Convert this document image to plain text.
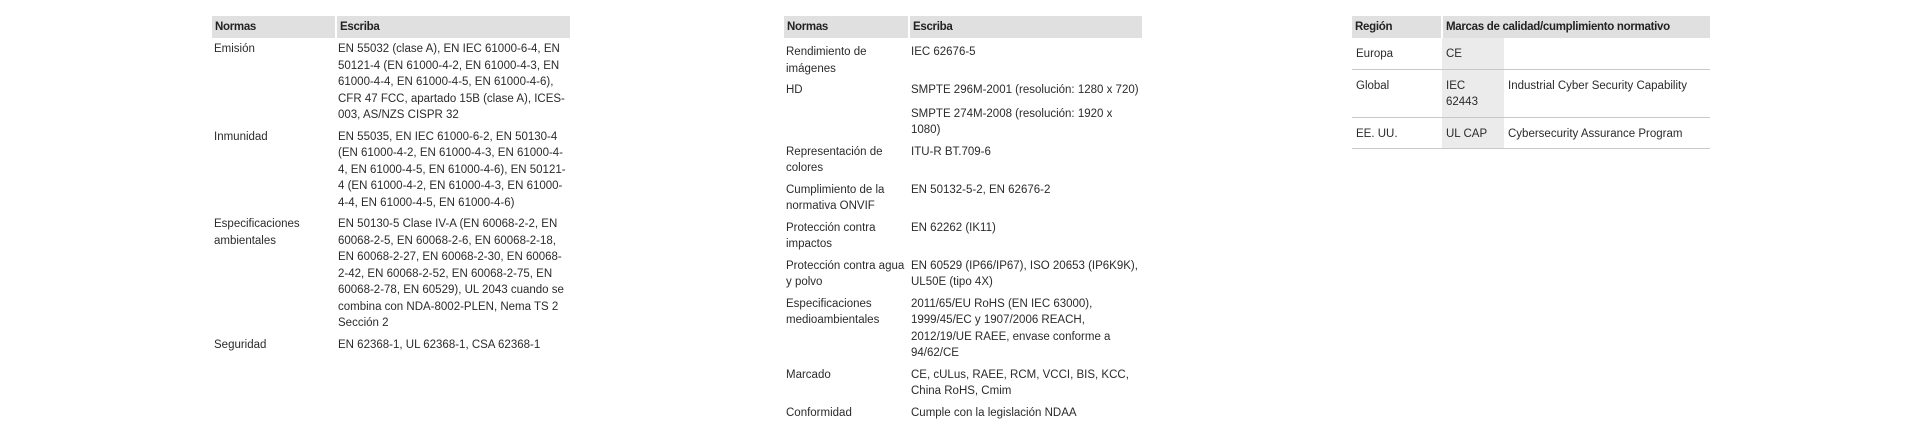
Normas	Escriba
Emisión	EN 55032 (clase A), EN IEC 61000-6-4, EN 50121-4 (EN 61000-4-2, EN 61000-4-3, EN 61000-4-4, EN 61000-4-5, EN 61000-4-6), CFR 47 FCC, apartado 15B (clase A), ICES-003, AS/NZS CISPR 32
Inmunidad	EN 55035, EN IEC 61000-6-2, EN 50130-4 (EN 61000-4-2, EN 61000-4-3, EN 61000-4-4, EN 61000-4-5, EN 61000-4-6), EN 50121-4 (EN 61000-4-2, EN 61000-4-3, EN 61000-4-4, EN 61000-4-5, EN 61000-4-6)
Especificaciones ambientales	EN 50130-5 Clase IV-A (EN 60068-2-2, EN 60068-2-5, EN 60068-2-6, EN 60068-2-18, EN 60068-2-27, EN 60068-2-30, EN 60068-2-42, EN 60068-2-52, EN 60068-2-75, EN 60068-2-78, EN 60529), UL 2043 cuando se combina con NDA-8002-PLEN, Nema TS 2 Sección 2
Seguridad	EN 62368-1, UL 62368-1, CSA 62368-1
Normas	Escriba
Rendimiento de imágenes	IEC 62676-5
HD	SMPTE 296M-2001 (resolución: 1280 x 720)
	SMPTE 274M-2008 (resolución: 1920 x 1080)
Representación de colores	ITU-R BT.709-6
Cumplimiento de la normativa ONVIF	EN 50132-5-2, EN 62676-2
Protección contra impactos	EN 62262 (IK11)
Protección contra agua y polvo	EN 60529 (IP66/IP67), ISO 20653 (IP6K9K), UL50E (tipo 4X)
Especificaciones medioambientales	2011/65/EU RoHS (EN IEC 63000), 1999/45/EC y 1907/2006 REACH, 2012/19/UE RAEE, envase conforme a 94/62/CE
Marcado	CE, cULus, RAEE, RCM, VCCI, BIS, KCC, China RoHS, Cmim
Conformidad	Cumple con la legislación NDAA
Región	Marcas de calidad/cumplimiento normativo	
Europa	CE	
Global	IEC 62443	Industrial Cyber Security Capability
EE. UU.	UL CAP	Cybersecurity Assurance Program
